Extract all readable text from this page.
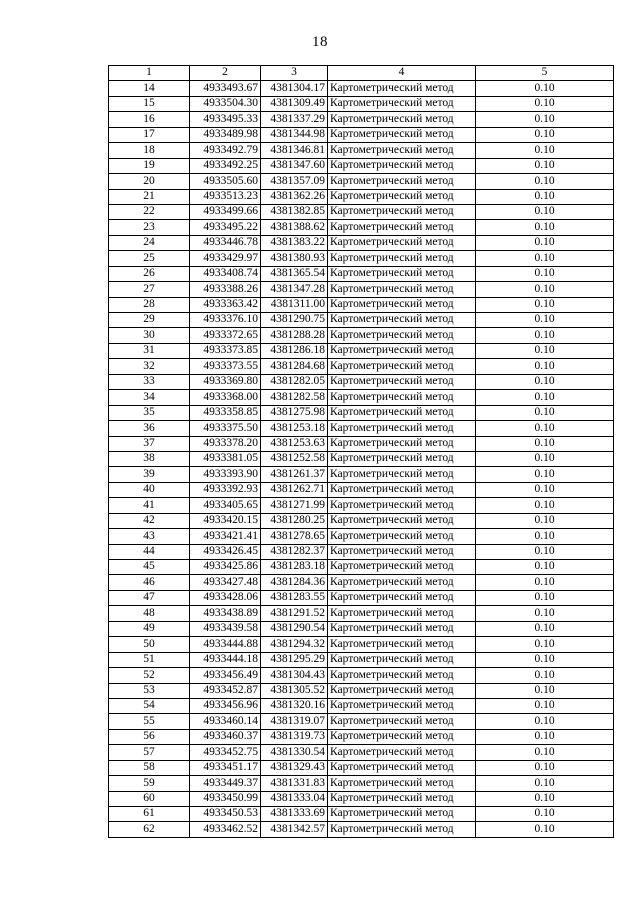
18
1	2	3	4	5
14	4933493.67	4381304.17	Картометрический метод	0.10
15	4933504.30	4381309.49	Картометрический метод	0.10
16	4933495.33	4381337.29	Картометрический метод	0.10
17	4933489.98	4381344.98	Картометрический метод	0.10
18	4933492.79	4381346.81	Картометрический метод	0.10
19	4933492.25	4381347.60	Картометрический метод	0.10
20	4933505.60	4381357.09	Картометрический метод	0.10
21	4933513.23	4381362.26	Картометрический метод	0.10
22	4933499.66	4381382.85	Картометрический метод	0.10
23	4933495.22	4381388.62	Картометрический метод	0.10
24	4933446.78	4381383.22	Картометрический метод	0.10
25	4933429.97	4381380.93	Картометрический метод	0.10
26	4933408.74	4381365.54	Картометрический метод	0.10
27	4933388.26	4381347.28	Картометрический метод	0.10
28	4933363.42	4381311.00	Картометрический метод	0.10
29	4933376.10	4381290.75	Картометрический метод	0.10
30	4933372.65	4381288.28	Картометрический метод	0.10
31	4933373.85	4381286.18	Картометрический метод	0.10
32	4933373.55	4381284.68	Картометрический метод	0.10
33	4933369.80	4381282.05	Картометрический метод	0.10
34	4933368.00	4381282.58	Картометрический метод	0.10
35	4933358.85	4381275.98	Картометрический метод	0.10
36	4933375.50	4381253.18	Картометрический метод	0.10
37	4933378.20	4381253.63	Картометрический метод	0.10
38	4933381.05	4381252.58	Картометрический метод	0.10
39	4933393.90	4381261.37	Картометрический метод	0.10
40	4933392.93	4381262.71	Картометрический метод	0.10
41	4933405.65	4381271.99	Картометрический метод	0.10
42	4933420.15	4381280.25	Картометрический метод	0.10
43	4933421.41	4381278.65	Картометрический метод	0.10
44	4933426.45	4381282.37	Картометрический метод	0.10
45	4933425.86	4381283.18	Картометрический метод	0.10
46	4933427.48	4381284.36	Картометрический метод	0.10
47	4933428.06	4381283.55	Картометрический метод	0.10
48	4933438.89	4381291.52	Картометрический метод	0.10
49	4933439.58	4381290.54	Картометрический метод	0.10
50	4933444.88	4381294.32	Картометрический метод	0.10
51	4933444.18	4381295.29	Картометрический метод	0.10
52	4933456.49	4381304.43	Картометрический метод	0.10
53	4933452.87	4381305.52	Картометрический метод	0.10
54	4933456.96	4381320.16	Картометрический метод	0.10
55	4933460.14	4381319.07	Картометрический метод	0.10
56	4933460.37	4381319.73	Картометрический метод	0.10
57	4933452.75	4381330.54	Картометрический метод	0.10
58	4933451.17	4381329.43	Картометрический метод	0.10
59	4933449.37	4381331.83	Картометрический метод	0.10
60	4933450.99	4381333.04	Картометрический метод	0.10
61	4933450.53	4381333.69	Картометрический метод	0.10
62	4933462.52	4381342.57	Картометрический метод	0.10
